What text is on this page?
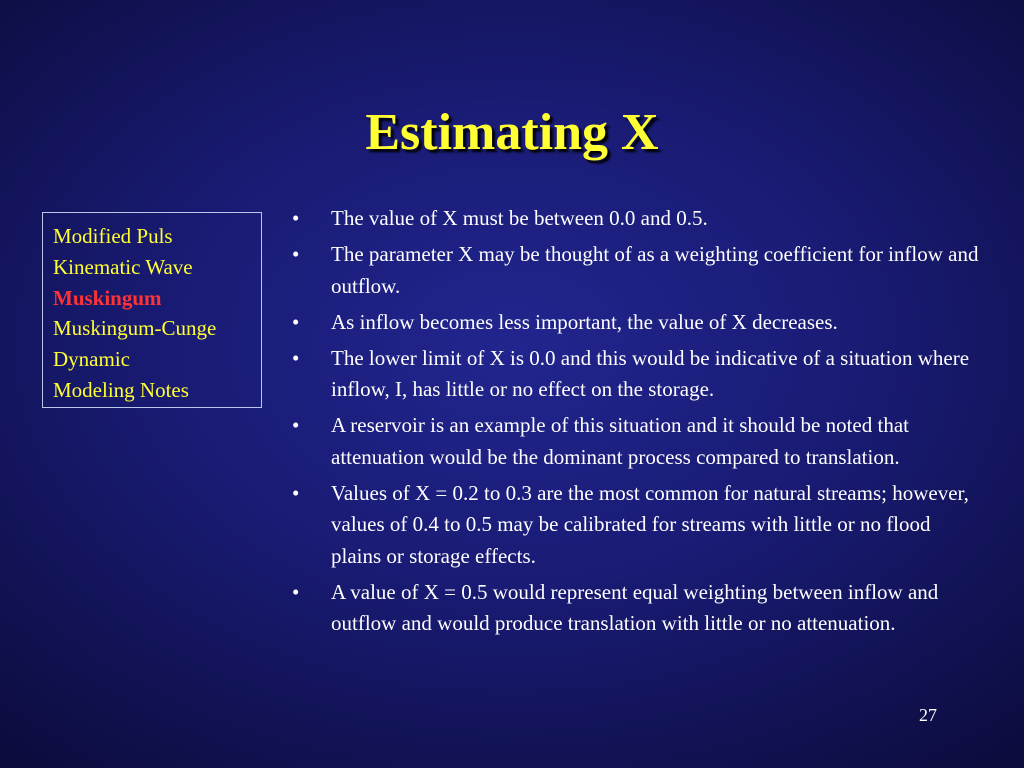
Estimating X
Modified Puls
Kinematic Wave
Muskingum
Muskingum-Cunge
Dynamic
Modeling Notes
• The value of X must be between 0.0 and 0.5.
• The parameter X may be thought of as a weighting coefficient for inflow and outflow.
• As inflow becomes less important, the value of X decreases.
• The lower limit of X is 0.0 and this would be indicative of a situation where inflow, I, has little or no effect on the storage.
• A reservoir is an example of this situation and it should be noted that attenuation would be the dominant process compared to translation.
• Values of X = 0.2 to 0.3 are the most common for natural streams; however, values of 0.4 to 0.5 may be calibrated for streams with little or no flood plains or storage effects.
• A value of X = 0.5 would represent equal weighting between inflow and outflow and would produce translation with little or no attenuation.
27
